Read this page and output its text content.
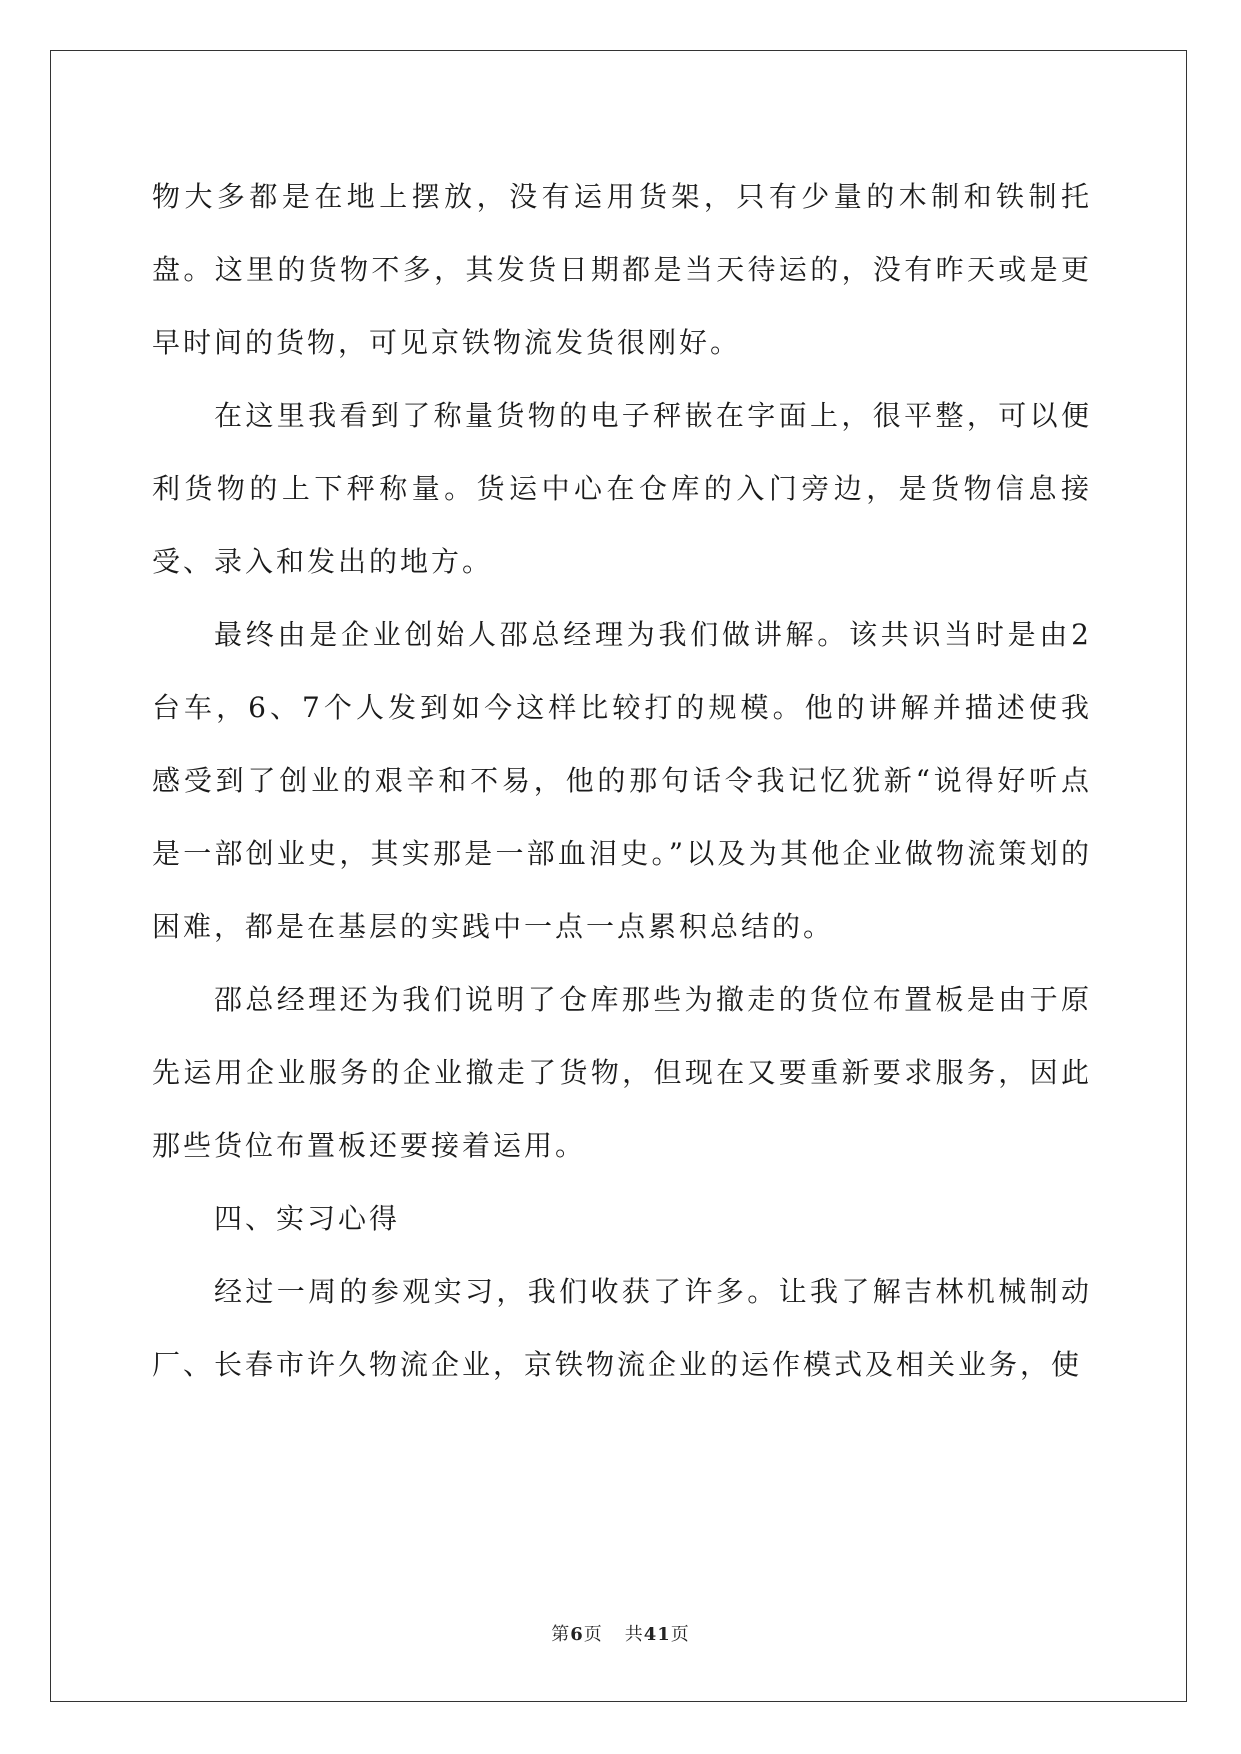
物大多都是在地上摆放，没有运用货架，只有少量的木制和铁制托盘。这里的货物不多，其发货日期都是当天待运的，没有昨天或是更早时间的货物，可见京铁物流发货很刚好。

在这里我看到了称量货物的电子秤嵌在字面上，很平整，可以便利货物的上下秤称量。货运中心在仓库的入门旁边，是货物信息接受、录入和发出的地方。

最终由是企业创始人邵总经理为我们做讲解。该共识当时是由2台车，6、7个人发到如今这样比较打的规模。他的讲解并描述使我感受到了创业的艰辛和不易，他的那句话令我记忆犹新“说得好听点是一部创业史，其实那是一部血泪史。”以及为其他企业做物流策划的困难，都是在基层的实践中一点一点累积总结的。

邵总经理还为我们说明了仓库那些为撤走的货位布置板是由于原先运用企业服务的企业撤走了货物，但现在又要重新要求服务，因此那些货位布置板还要接着运用。

四、实习心得

经过一周的参观实习，我们收获了许多。让我了解吉林机械制动厂、长春市许久物流企业，京铁物流企业的运作模式及相关业务，使

第6页 共41页
